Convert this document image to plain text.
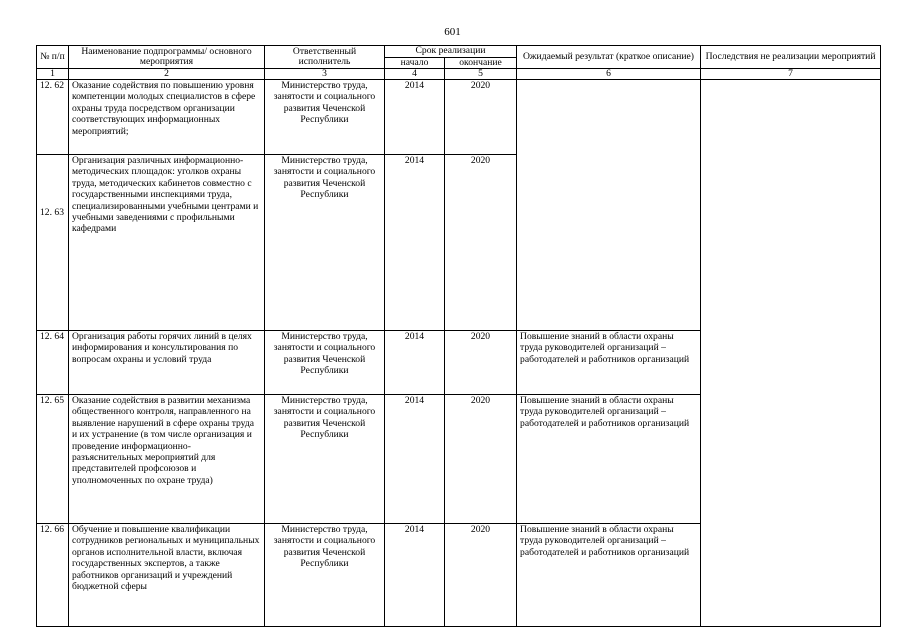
601
№ п/п	Наименование подпрограммы/ основного мероприятия	Ответственный исполнитель	Срок реализации		Ожидаемый результат (краткое описание)	Последствия не реализации мероприятий
			начало	окончание		
1	2	3	4	5	6	7
12. 62	Оказание содействия по повышению уровня компетенции молодых специалистов в сфере охраны труда посредством организации соответствующих информационных мероприятий;	Министерство труда, занятости и социального развития Чеченской Республики	2014	2020		
12. 63	Организация различных информационно-методических площадок: уголков охраны труда, методических кабинетов совместно с государственными инспекциями труда, специализированными учебными центрами и учебными заведениями с профильными кафедрами	Министерство труда, занятости и социального развития Чеченской Республики	2014	2020		
12. 64	Организация работы горячих линий в целях информирования и консультирования по вопросам охраны и условий труда	Министерство труда, занятости и социального развития Чеченской Республики	2014	2020	Повышение знаний в области охраны труда руководителей организаций – работодателей и работников организаций	
12. 65	Оказание содействия в развитии механизма общественного контроля, направленного на выявление нарушений в сфере охраны труда и их устранение (в том числе организация и проведение информационно-разъяснительных мероприятий для представителей профсоюзов и уполномоченных по охране труда)	Министерство труда, занятости и социального развития Чеченской Республики	2014	2020	Повышение знаний в области охраны труда руководителей организаций – работодателей и работников организаций	
12. 66	Обучение и повышение квалификации сотрудников региональных и муниципальных органов исполнительной власти, включая государственных экспертов, а также работников организаций и учреждений бюджетной сферы	Министерство труда, занятости и социального развития Чеченской Республики	2014	2020	Повышение знаний в области охраны труда руководителей организаций – работодателей и работников организаций	
